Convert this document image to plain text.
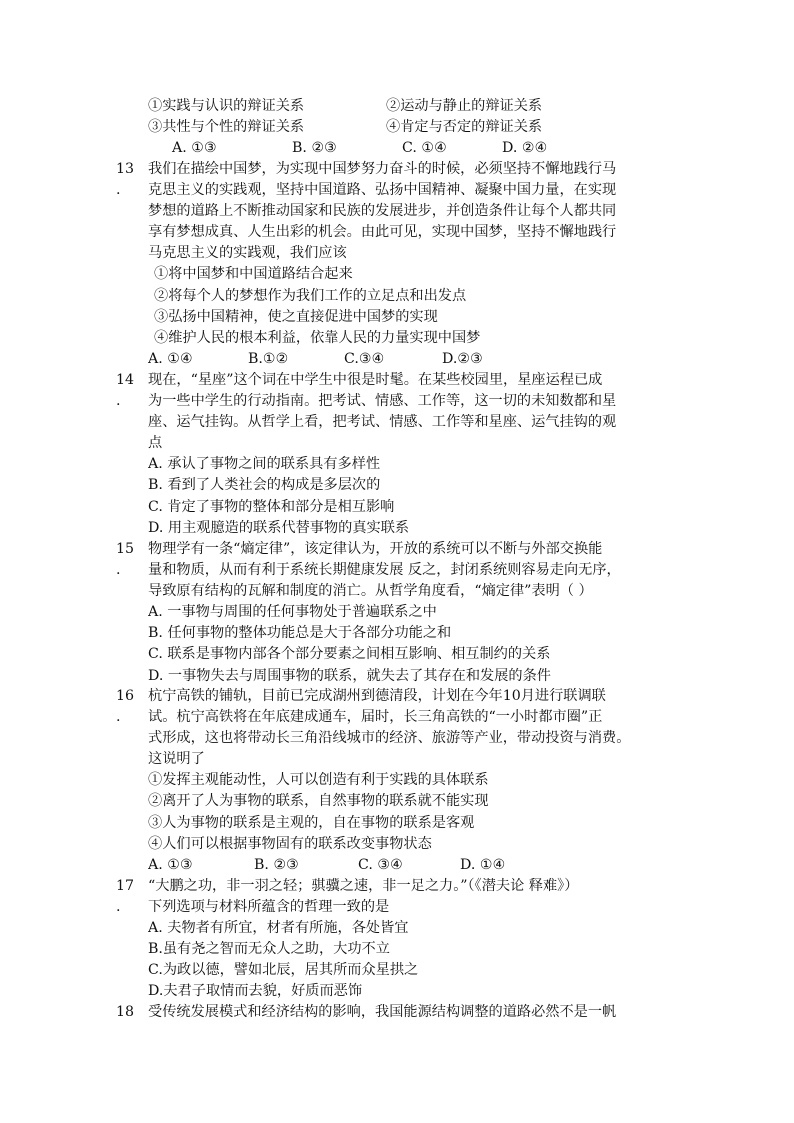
①实践与认识的辩证关系	②运动与静止的辩证关系
③共性与个性的辩证关系	④肯定与否定的辩证关系
A. ①③	B. ②③	C. ①④	D. ②④
13
.
我们在描绘中国梦，为实现中国梦努力奋斗的时候，必须坚持不懈地践行马
克思主义的实践观，坚持中国道路、弘扬中国精神、凝聚中国力量，在实现
梦想的道路上不断推动国家和民族的发展进步，并创造条件让每个人都共同
享有梦想成真、人生出彩的机会。由此可见，实现中国梦，坚持不懈地践行
马克思主义的实践观，我们应该
①将中国梦和中国道路结合起来
②将每个人的梦想作为我们工作的立足点和出发点
③弘扬中国精神，使之直接促进中国梦的实现
④维护人民的根本利益，依靠人民的力量实现中国梦
A. ①④	B.①②	C.③④	D.②③
14
.
现在，“星座”这个词在中学生中很是时髦。在某些校园里，星座运程已成
为一些中学生的行动指南。把考试、情感、工作等，这一切的未知数都和星
座、运气挂钩。从哲学上看，把考试、情感、工作等和星座、运气挂钩的观
点
A. 承认了事物之间的联系具有多样性
B. 看到了人类社会的构成是多层次的
C. 肯定了事物的整体和部分是相互影响
D. 用主观臆造的联系代替事物的真实联系
15
.
物理学有一条“熵定律”，该定律认为，开放的系统可以不断与外部交换能
量和物质，从而有利于系统长期健康发展 反之，封闭系统则容易走向无序，
导致原有结构的瓦解和制度的消亡。从哲学角度看，“熵定律”表明（ ）
A. 一事物与周围的任何事物处于普遍联系之中
B. 任何事物的整体功能总是大于各部分功能之和
C. 联系是事物内部各个部分要素之间相互影响、相互制约的关系
D. 一事物失去与周围事物的联系，就失去了其存在和发展的条件
16
.
杭宁高铁的铺轨，目前已完成湖州到德清段，计划在今年10月进行联调联
试。杭宁高铁将在年底建成通车，届时，长三角高铁的“一小时都市圈”正
式形成，这也将带动长三角沿线城市的经济、旅游等产业，带动投资与消费。
这说明了
①发挥主观能动性，人可以创造有利于实践的具体联系
②离开了人为事物的联系，自然事物的联系就不能实现
③人为事物的联系是主观的，自在事物的联系是客观
④人们可以根据事物固有的联系改变事物状态
A. ①③	B. ②③	C. ③④	D. ①④
17
.
“大鹏之功，非一羽之轻；骐骥之速，非一足之力。”（《潜夫论 释难》）
下列选项与材料所蕴含的哲理一致的是
A. 夫物者有所宜，材者有所施，各处皆宜
B.虽有尧之智而无众人之助，大功不立
C.为政以德，譬如北辰，居其所而众星拱之
D.夫君子取情而去貌，好质而恶饰
18 受传统发展模式和经济结构的影响，我国能源结构调整的道路必然不是一帆
